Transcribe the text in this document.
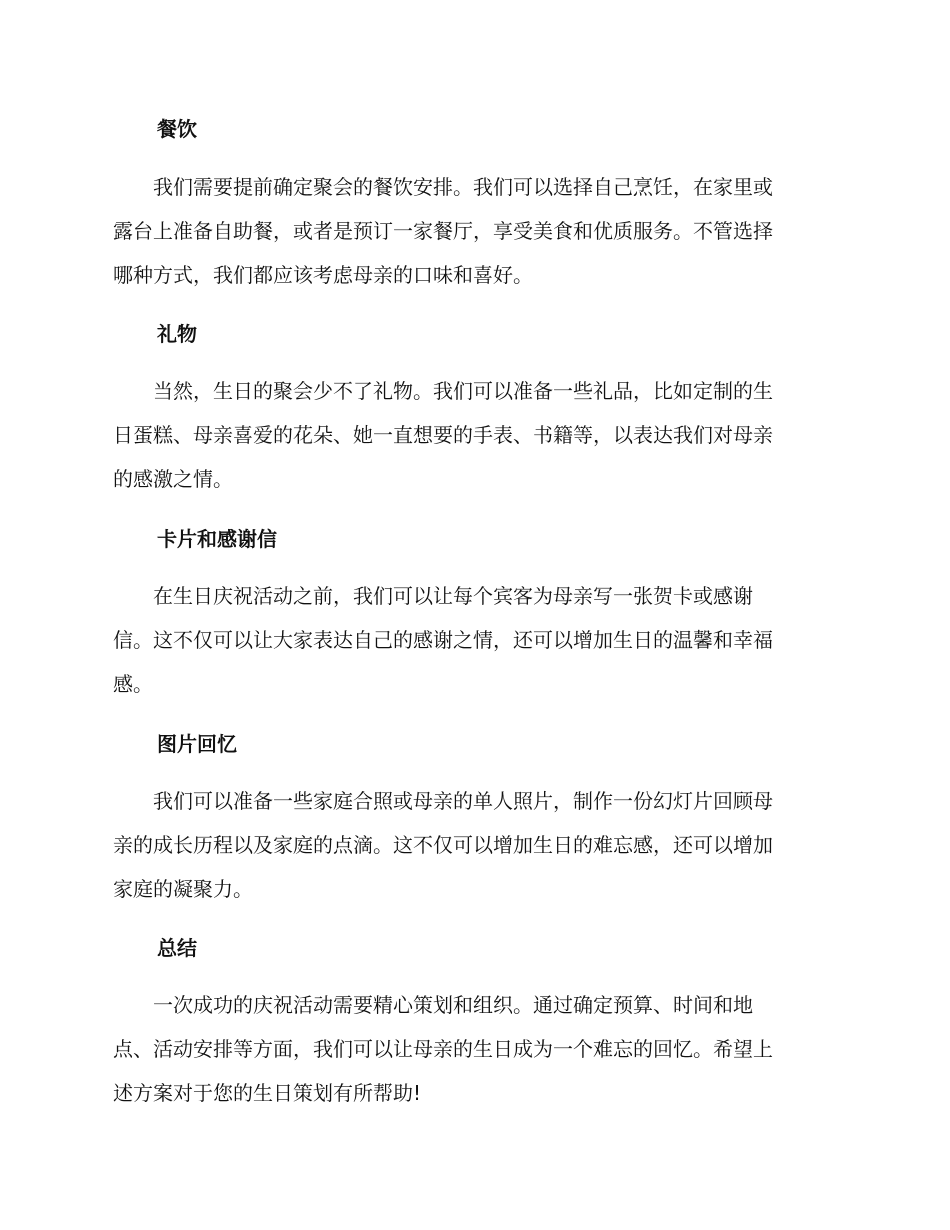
餐饮

　　我们需要提前确定聚会的餐饮安排。我们可以选择自己烹饪，在家里或
露台上准备自助餐，或者是预订一家餐厅，享受美食和优质服务。不管选择
哪种方式，我们都应该考虑母亲的口味和喜好。

礼物

　　当然，生日的聚会少不了礼物。我们可以准备一些礼品，比如定制的生
日蛋糕、母亲喜爱的花朵、她一直想要的手表、书籍等，以表达我们对母亲
的感激之情。

卡片和感谢信

　　在生日庆祝活动之前，我们可以让每个宾客为母亲写一张贺卡或感谢
信。这不仅可以让大家表达自己的感谢之情，还可以增加生日的温馨和幸福
感。

图片回忆

　　我们可以准备一些家庭合照或母亲的单人照片，制作一份幻灯片回顾母
亲的成长历程以及家庭的点滴。这不仅可以增加生日的难忘感，还可以增加
家庭的凝聚力。

总结

　　一次成功的庆祝活动需要精心策划和组织。通过确定预算、时间和地
点、活动安排等方面，我们可以让母亲的生日成为一个难忘的回忆。希望上
述方案对于您的生日策划有所帮助!
